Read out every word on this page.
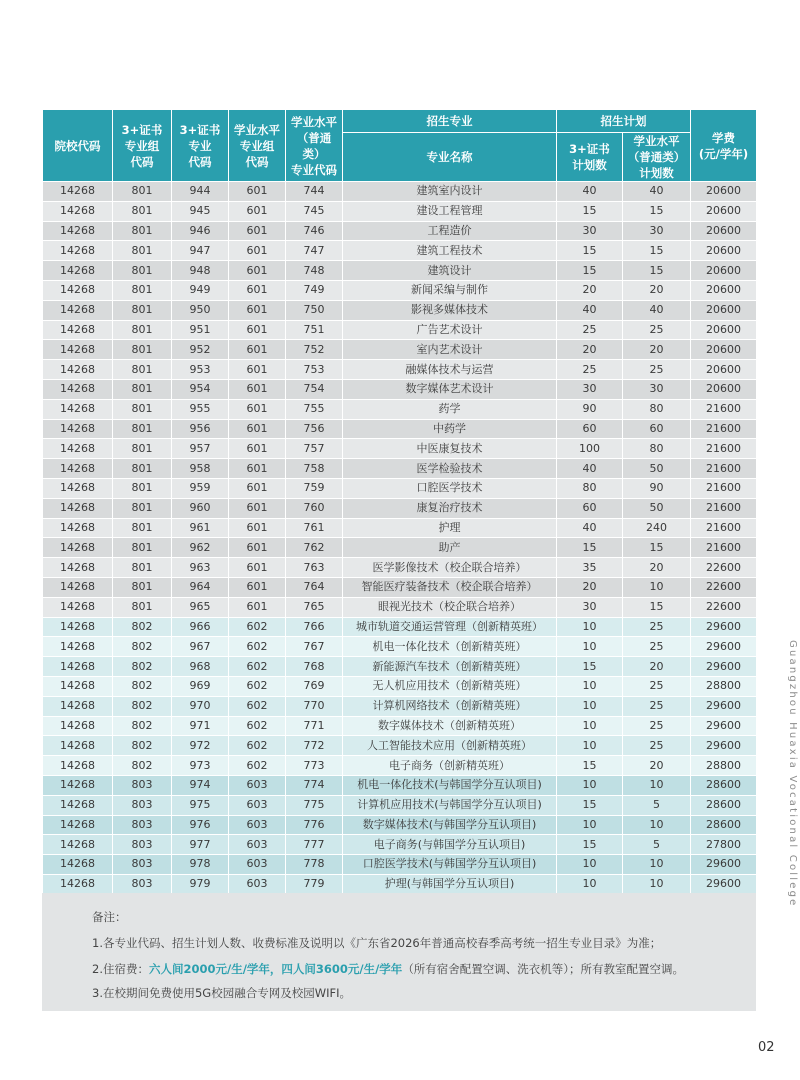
院校代码	3+证书
专业组
代码	3+证书
专业
代码	学业水平
专业组
代码	学业水平
（普通类）
专业代码	招生专业	招生计划		学费
(元/学年)
					专业名称	3+证书
计划数	学业水平
（普通类）
计划数	
14268	801	944	601	744	建筑室内设计	40	40	20600
14268	801	945	601	745	建设工程管理	15	15	20600
14268	801	946	601	746	工程造价	30	30	20600
14268	801	947	601	747	建筑工程技术	15	15	20600
14268	801	948	601	748	建筑设计	15	15	20600
14268	801	949	601	749	新闻采编与制作	20	20	20600
14268	801	950	601	750	影视多媒体技术	40	40	20600
14268	801	951	601	751	广告艺术设计	25	25	20600
14268	801	952	601	752	室内艺术设计	20	20	20600
14268	801	953	601	753	融媒体技术与运营	25	25	20600
14268	801	954	601	754	数字媒体艺术设计	30	30	20600
14268	801	955	601	755	药学	90	80	21600
14268	801	956	601	756	中药学	60	60	21600
14268	801	957	601	757	中医康复技术	100	80	21600
14268	801	958	601	758	医学检验技术	40	50	21600
14268	801	959	601	759	口腔医学技术	80	90	21600
14268	801	960	601	760	康复治疗技术	60	50	21600
14268	801	961	601	761	护理	40	240	21600
14268	801	962	601	762	助产	15	15	21600
14268	801	963	601	763	医学影像技术（校企联合培养）	35	20	22600
14268	801	964	601	764	智能医疗装备技术（校企联合培养）	20	10	22600
14268	801	965	601	765	眼视光技术（校企联合培养）	30	15	22600
14268	802	966	602	766	城市轨道交通运营管理（创新精英班）	10	25	29600
14268	802	967	602	767	机电一体化技术（创新精英班）	10	25	29600
14268	802	968	602	768	新能源汽车技术（创新精英班）	15	20	29600
14268	802	969	602	769	无人机应用技术（创新精英班）	10	25	28800
14268	802	970	602	770	计算机网络技术（创新精英班）	10	25	29600
14268	802	971	602	771	数字媒体技术（创新精英班）	10	25	29600
14268	802	972	602	772	人工智能技术应用（创新精英班）	10	25	29600
14268	802	973	602	773	电子商务（创新精英班）	15	20	28800
14268	803	974	603	774	机电一体化技术(与韩国学分互认项目)	10	10	28600
14268	803	975	603	775	计算机应用技术(与韩国学分互认项目)	15	5	28600
14268	803	976	603	776	数字媒体技术(与韩国学分互认项目)	10	10	28600
14268	803	977	603	777	电子商务(与韩国学分互认项目)	15	5	27800
14268	803	978	603	778	口腔医学技术(与韩国学分互认项目)	10	10	29600
14268	803	979	603	779	护理(与韩国学分互认项目)	10	10	29600

备注：

1.各专业代码、招生计划人数、收费标准及说明以《广东省2026年普通高校春季高考统一招生专业目录》为准；

2.住宿费：六人间2000元/生/学年，四人间3600元/生/学年（所有宿舍配置空调、洗衣机等）；所有教室配置空调。

3.在校期间免费使用5G校园融合专网及校园WIFI。

Guangzhou Huaxia Vocational College
02
